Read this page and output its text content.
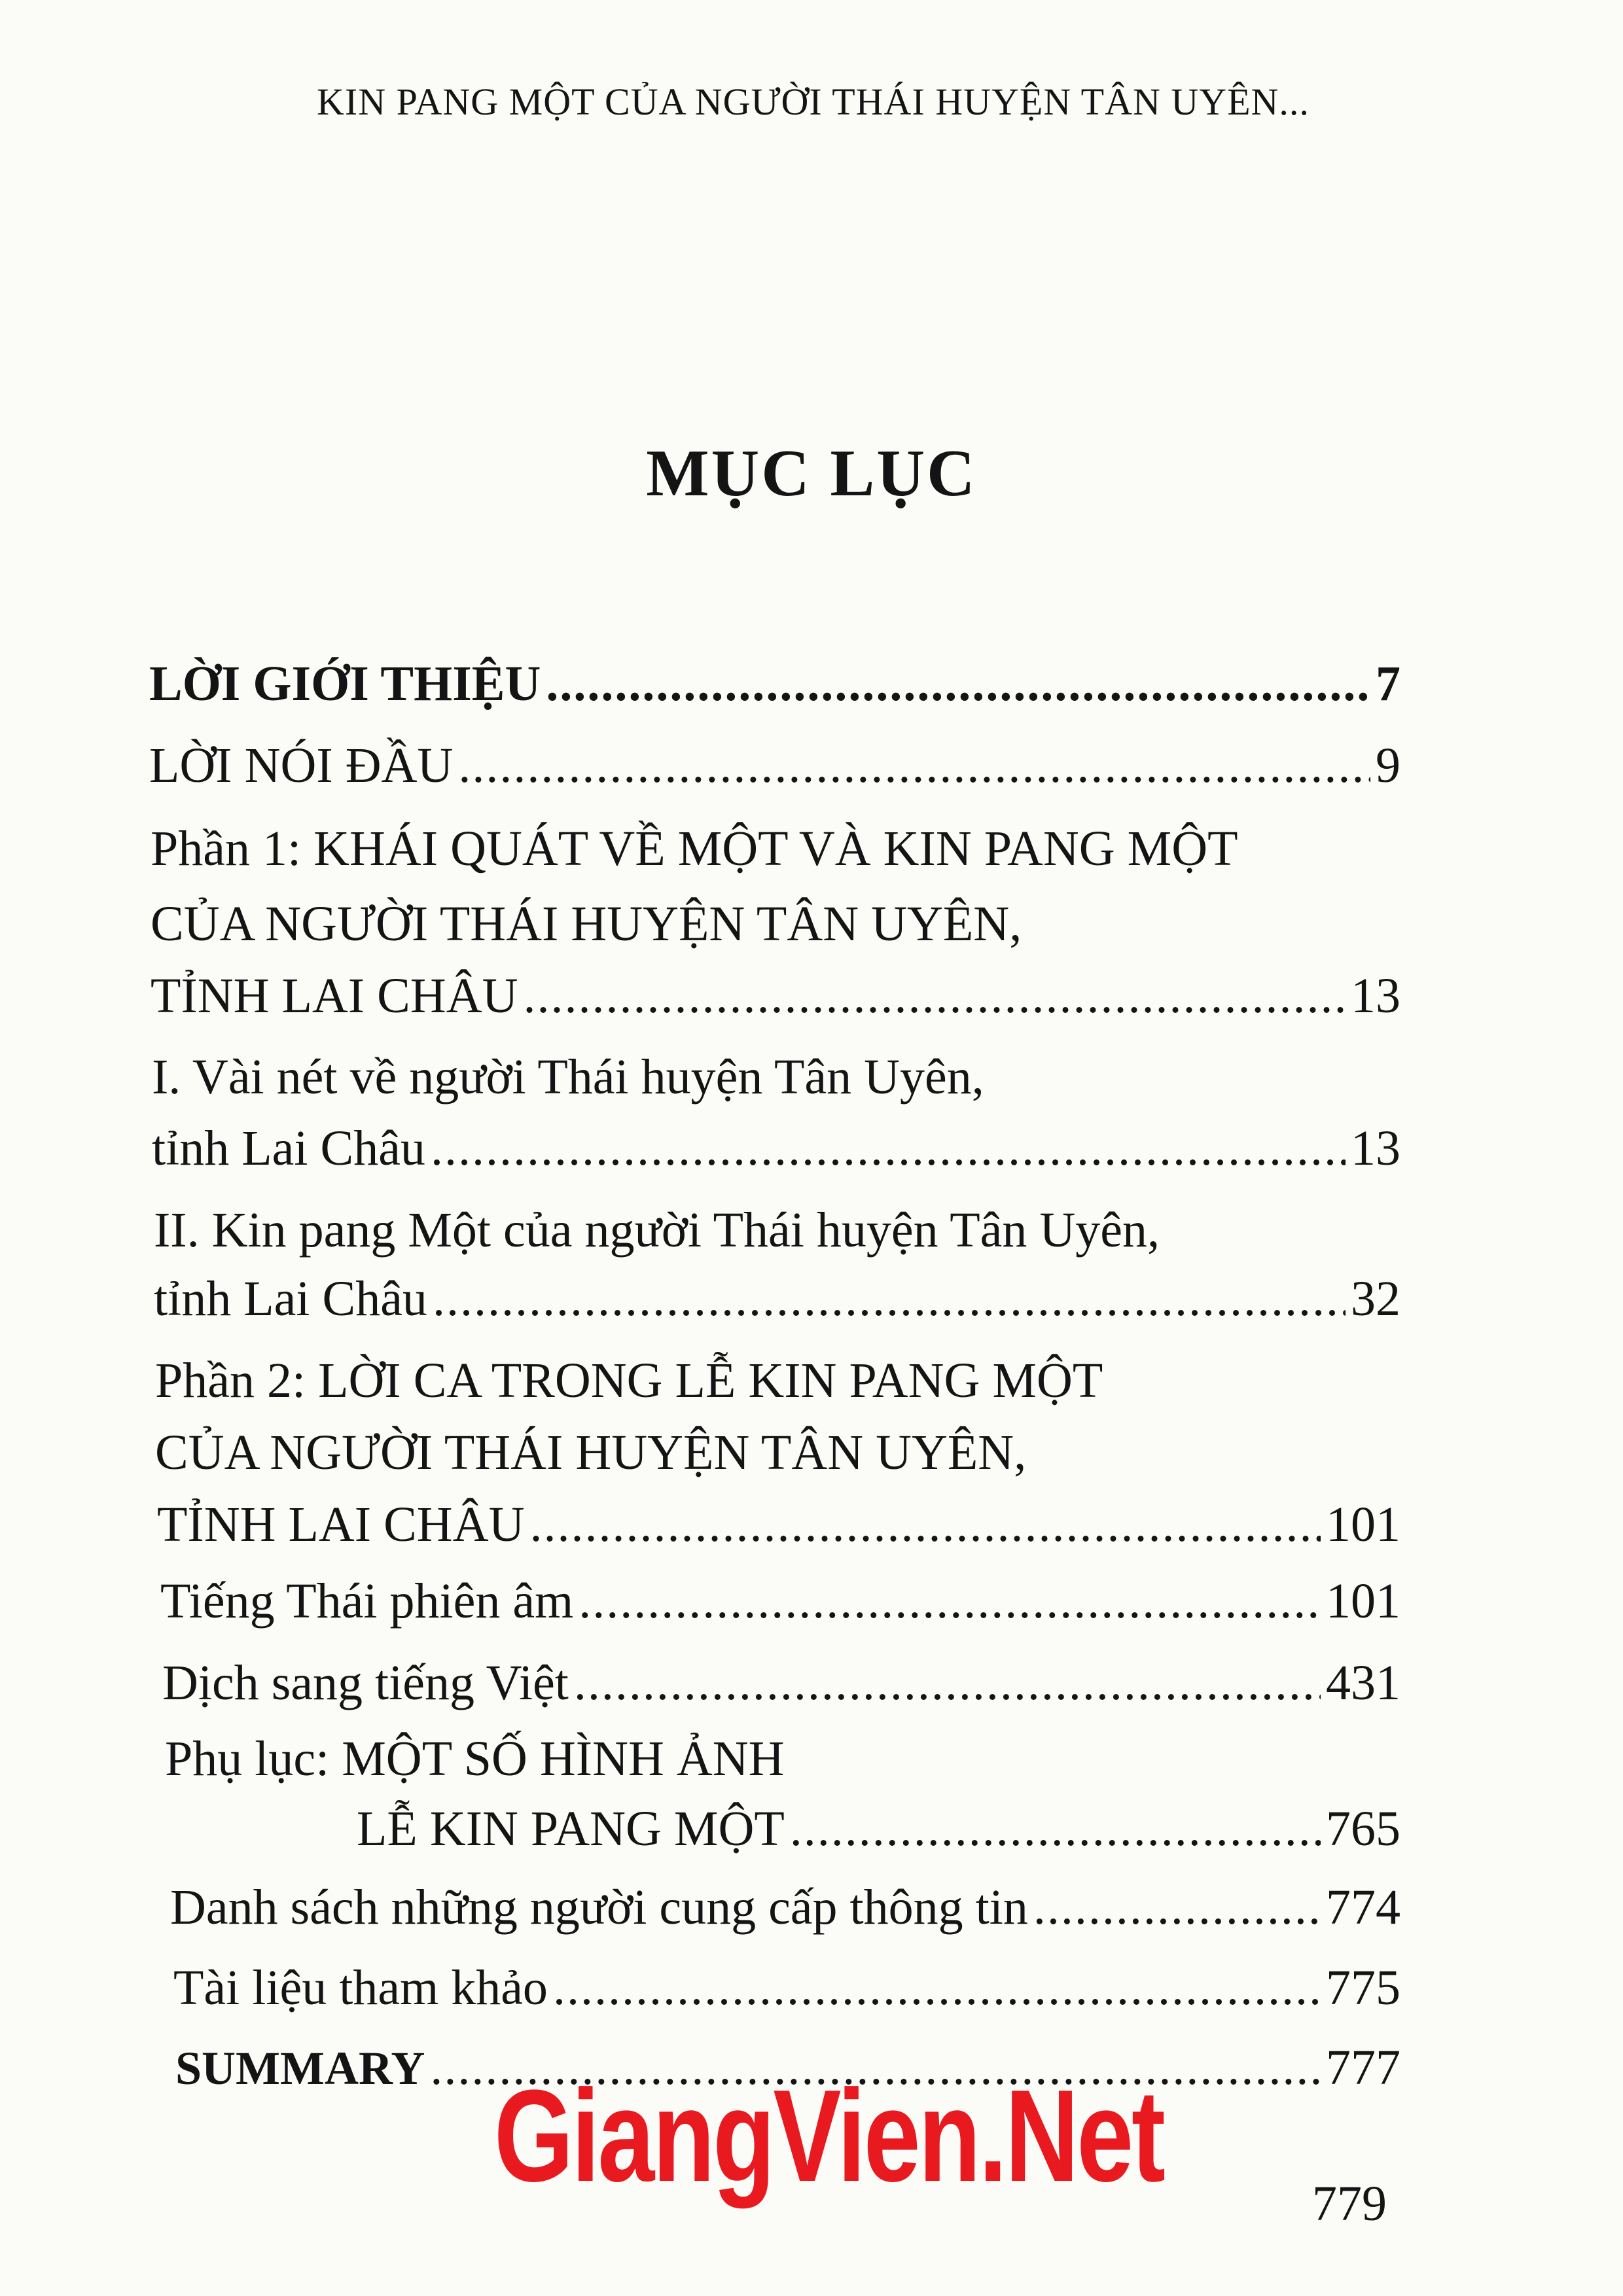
KIN PANG MỘT CỦA NGƯỜI THÁI HUYỆN TÂN UYÊN...
MỤC LỤC
LỜI GIỚI THIỆU .....	7
LỜI NÓI ĐẦU .....	9
Phần 1: KHÁI QUÁT VỀ MỘT VÀ KIN PANG MỘT
CỦA NGƯỜI THÁI HUYỆN TÂN UYÊN,
TỈNH LAI CHÂU .....	13
I. Vài nét về người Thái huyện Tân Uyên,
tỉnh Lai Châu .....	13
II. Kin pang Một của người Thái huyện Tân Uyên,
tỉnh Lai Châu .....	32
Phần 2: LỜI CA TRONG LỄ KIN PANG MỘT
CỦA NGƯỜI THÁI HUYỆN TÂN UYÊN,
TỈNH LAI CHÂU .....	101
Tiếng Thái phiên âm .....	101
Dịch sang tiếng Việt .....	431
Phụ lục: MỘT SỐ HÌNH ẢNH
LỄ KIN PANG MỘT .....	765
Danh sách những người cung cấp thông tin .....	774
Tài liệu tham khảo .....	775
SUMMARY .....	777
GiangVien.Net	779
